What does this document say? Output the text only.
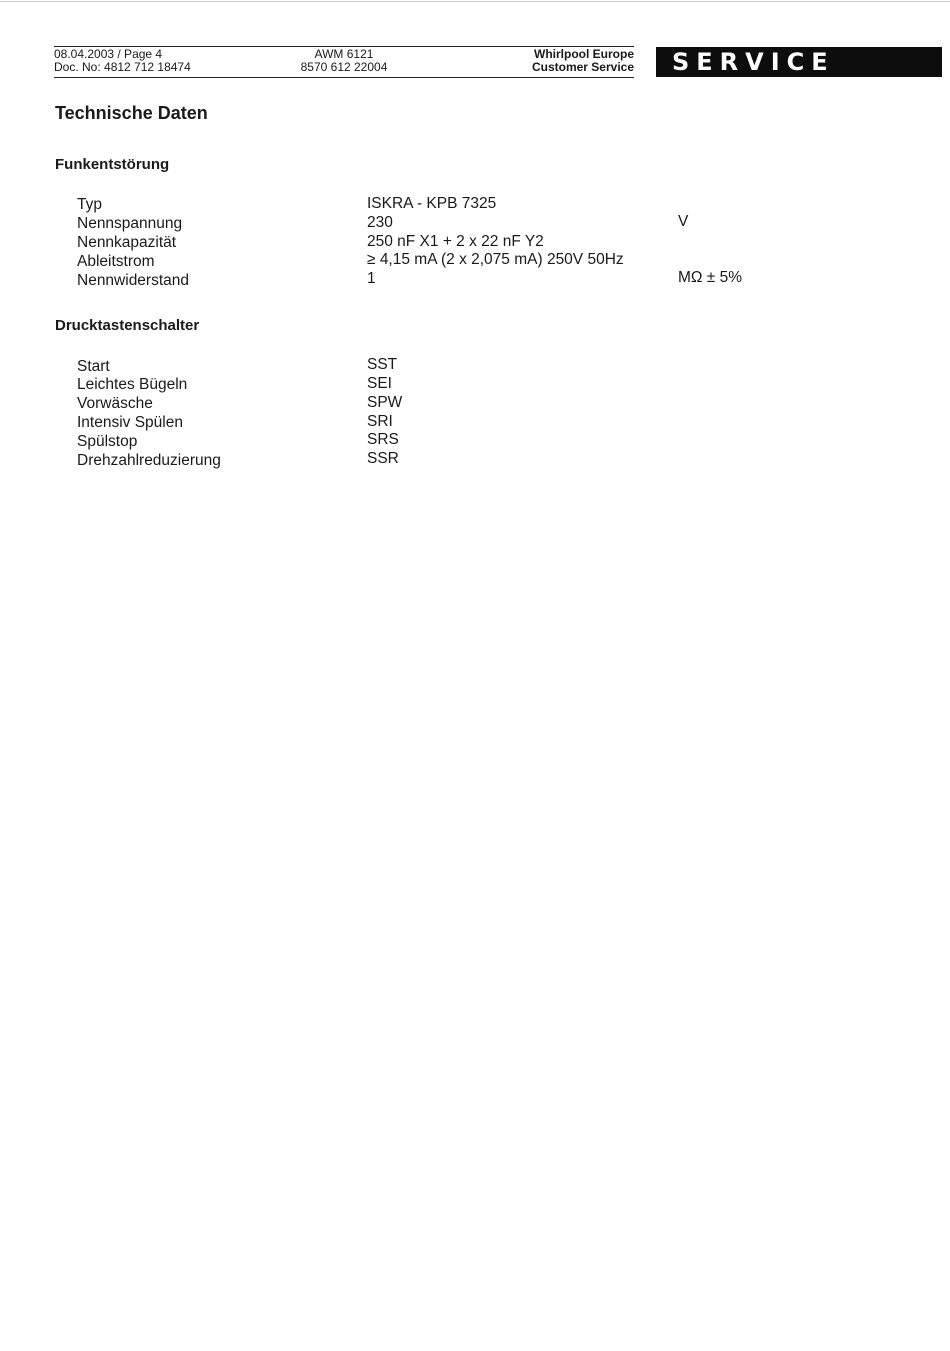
08.04.2003 / Page 4
Doc. No: 4812 712 18474
AWM 6121
8570 612 22004
Whirlpool Europe
Customer Service	SERVICE
Technische Daten
Funkentstörung
Typ	ISKRA - KPB 7325
Nennspannung	230	V
Nennkapazität	250 nF X1 + 2 x 22 nF Y2
Ableitstrom	≥ 4,15 mA (2 x 2,075 mA) 250V 50Hz
Nennwiderstand	1	MΩ ± 5%
Drucktastenschalter
Start	SST
Leichtes Bügeln	SEI
Vorwäsche	SPW
Intensiv Spülen	SRI
Spülstop	SRS
Drehzahlreduzierung	SSR
